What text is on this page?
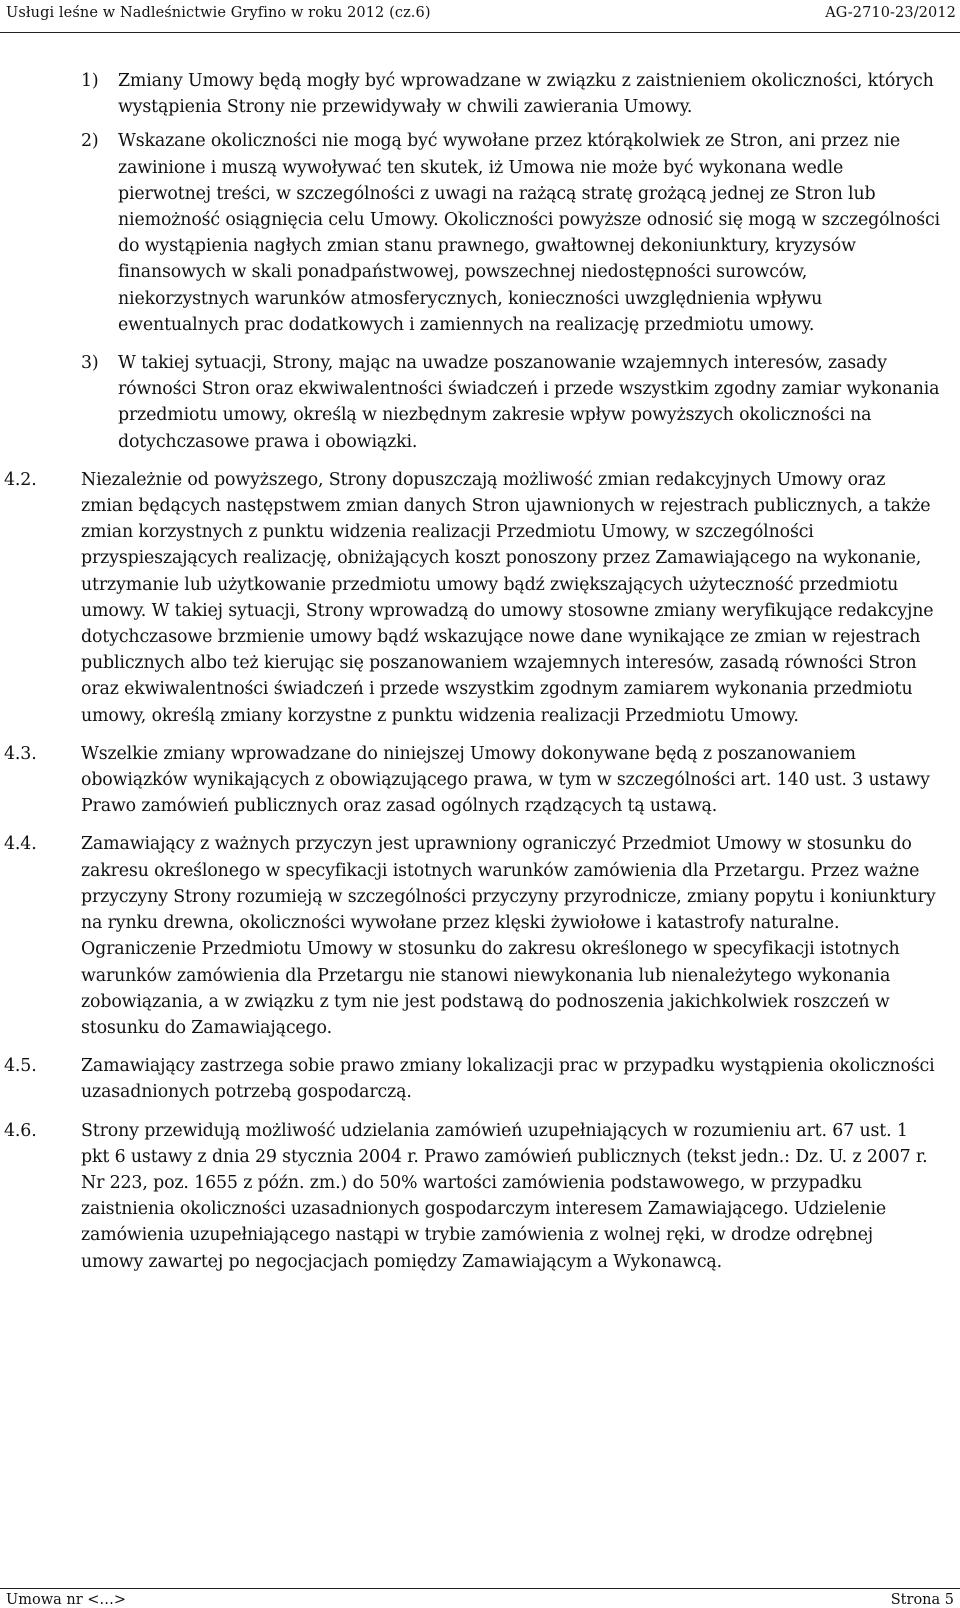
Usługi leśne w Nadleśnictwie Gryfino w roku 2012 (cz.6)	AG-2710-23/2012
1) Zmiany Umowy będą mogły być wprowadzane w związku z zaistnieniem okoliczności, których wystąpienia Strony nie przewidywały w chwili zawierania Umowy.
2) Wskazane okoliczności nie mogą być wywołane przez którąkolwiek ze Stron, ani przez nie zawinione i muszą wywoływać ten skutek, iż Umowa nie może być wykonana wedle pierwotnej treści, w szczególności z uwagi na rażącą stratę grożącą jednej ze Stron lub niemożność osiągnięcia celu Umowy. Okoliczności powyższe odnosić się mogą w szczególności do wystąpienia nagłych zmian stanu prawnego, gwałtownej dekoniunktury, kryzysów finansowych w skali ponadpaństwowej, powszechnej niedostępności surowców, niekorzystnych warunków atmosferycznych, konieczności uwzględnienia wpływu ewentualnych prac dodatkowych i zamiennych na realizację przedmiotu umowy.
3) W takiej sytuacji, Strony, mając na uwadze poszanowanie wzajemnych interesów, zasady równości Stron oraz ekwiwalentności świadczeń i przede wszystkim zgodny zamiar wykonania przedmiotu umowy, określą w niezbędnym zakresie wpływ powyższych okoliczności na dotychczasowe prawa i obowiązki.
4.2.	Niezależnie od powyższego, Strony dopuszczają możliwość zmian redakcyjnych Umowy oraz zmian będących następstwem zmian danych Stron ujawnionych w rejestrach publicznych, a także zmian korzystnych z punktu widzenia realizacji Przedmiotu Umowy, w szczególności przyspieszających realizację, obniżających koszt ponoszony przez Zamawiającego na wykonanie, utrzymanie lub użytkowanie przedmiotu umowy bądź zwiększających użyteczność przedmiotu umowy. W takiej sytuacji, Strony wprowadzą do umowy stosowne zmiany weryfikujące redakcyjne dotychczasowe brzmienie umowy bądź wskazujące nowe dane wynikające ze zmian w rejestrach publicznych albo też kierując się poszanowaniem wzajemnych interesów, zasadą równości Stron oraz ekwiwalentności świadczeń i przede wszystkim zgodnym zamiarem wykonania przedmiotu umowy, określą zmiany korzystne z punktu widzenia realizacji Przedmiotu Umowy.
4.3.	Wszelkie zmiany wprowadzane do niniejszej Umowy dokonywane będą z poszanowaniem obowiązków wynikających z obowiązującego prawa, w tym w szczególności art. 140 ust. 3 ustawy Prawo zamówień publicznych oraz zasad ogólnych rządzących tą ustawą.
4.4.	Zamawiający z ważnych przyczyn jest uprawniony ograniczyć Przedmiot Umowy w stosunku do zakresu określonego w specyfikacji istotnych warunków zamówienia dla Przetargu. Przez ważne przyczyny Strony rozumieją w szczególności przyczyny przyrodnicze, zmiany popytu i koniunktury na rynku drewna, okoliczności wywołane przez klęski żywiołowe i katastrofy naturalne. Ograniczenie Przedmiotu Umowy w stosunku do zakresu określonego w specyfikacji istotnych warunków zamówienia dla Przetargu nie stanowi niewykonania lub nienależytego wykonania zobowiązania, a w związku z tym nie jest podstawą do podnoszenia jakichkolwiek roszczeń w stosunku do Zamawiającego.
4.5.	Zamawiający zastrzega sobie prawo zmiany lokalizacji prac w przypadku wystąpienia okoliczności uzasadnionych potrzebą gospodarczą.
4.6.	Strony przewidują możliwość udzielania zamówień uzupełniających w rozumieniu art. 67 ust. 1 pkt 6 ustawy z dnia 29 stycznia 2004 r. Prawo zamówień publicznych (tekst jedn.: Dz. U. z 2007 r. Nr 223, poz. 1655 z późn. zm.) do 50% wartości zamówienia podstawowego, w przypadku zaistnienia okoliczności uzasadnionych gospodarczym interesem Zamawiającego. Udzielenie zamówienia uzupełniającego nastąpi w trybie zamówienia z wolnej ręki, w drodze odrębnej umowy zawartej po negocjacjach pomiędzy Zamawiającym a Wykonawcą.
Umowa nr <…>	Strona 5
